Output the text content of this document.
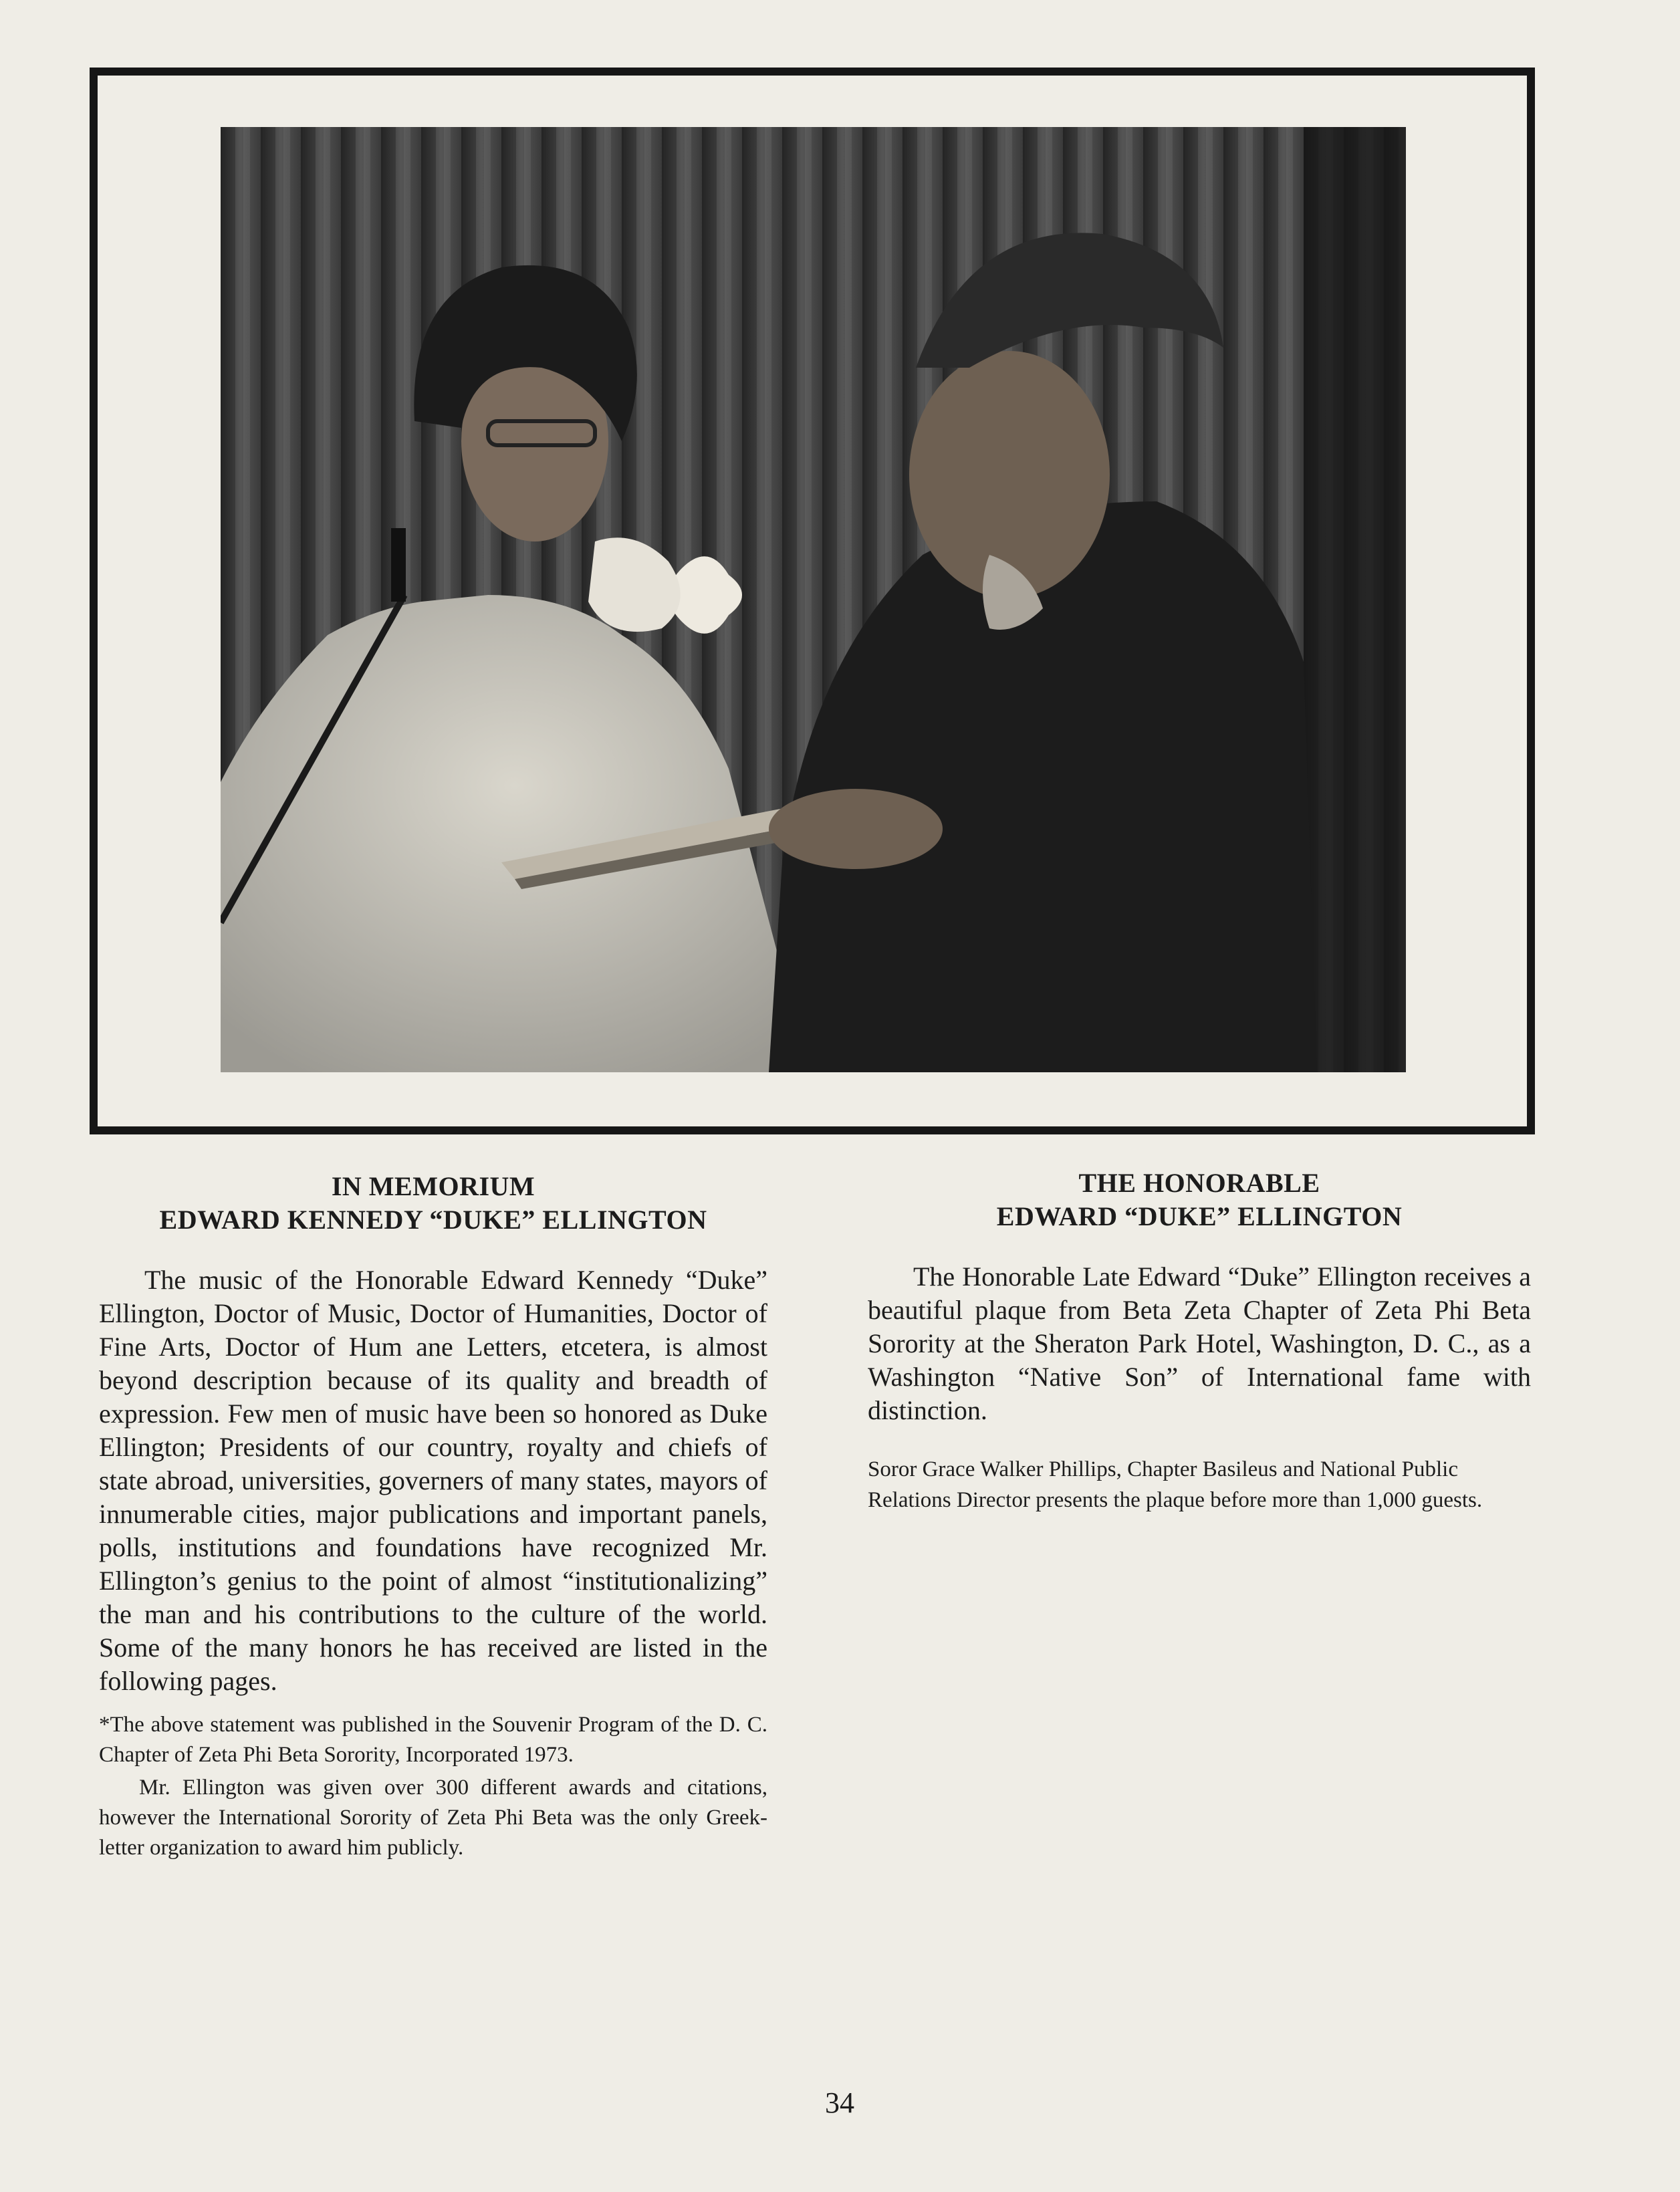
IN MEMORIUM

EDWARD KENNEDY “DUKE” ELLINGTON

The music of the Honorable Edward Kennedy “Duke” Ellington, Doctor of Music, Doctor of Humanities, Doctor of Fine Arts, Doctor of Hum ane Letters, etcetera, is almost beyond description because of its quality and breadth of expression. Few men of music have been so honored as Duke Ellington; Presidents of our country, royalty and chiefs of state abroad, universities, governers of many states, mayors of innumerable cities, major publications and important panels, polls, institutions and foundations have recognized Mr. Ellington’s genius to the point of almost “institutionalizing” the man and his contributions to the culture of the world. Some of the many honors he has received are listed in the following pages.

*The above statement was published in the Souvenir Program of the D. C. Chapter of Zeta Phi Beta Sorority, Incorporated 1973.

Mr. Ellington was given over 300 different awards and citations, however the International Sorority of Zeta Phi Beta was the only Greek-letter organization to award him publicly.

THE HONORABLE

EDWARD “DUKE” ELLINGTON

The Honorable Late Edward “Duke” Ellington receives a beautiful plaque from Beta Zeta Chapter of Zeta Phi Beta Sorority at the Sheraton Park Hotel, Washington, D. C., as a Washington “Native Son” of International fame with distinction.

Soror Grace Walker Phillips, Chapter Basileus and National Public Relations Director presents the plaque before more than 1,000 guests.

34
